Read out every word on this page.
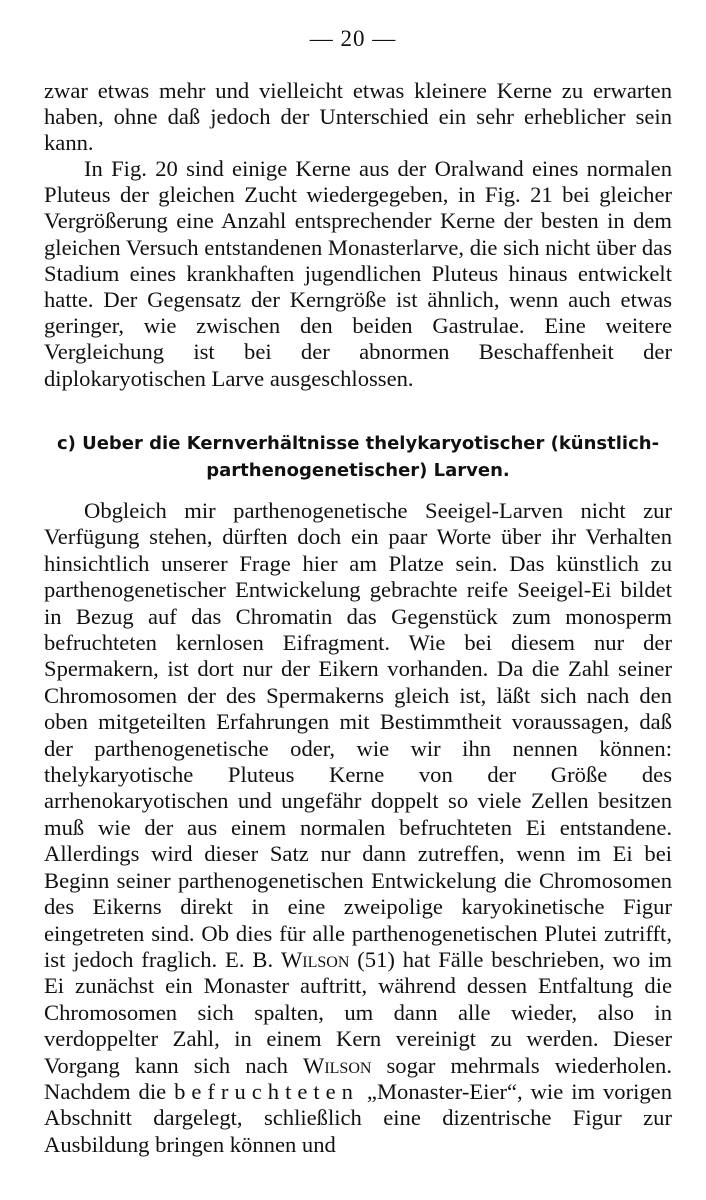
— 20 —

zwar etwas mehr und vielleicht etwas kleinere Kerne zu erwarten haben, ohne daß jedoch der Unterschied ein sehr erheblicher sein kann.

In Fig. 20 sind einige Kerne aus der Oralwand eines normalen Pluteus der gleichen Zucht wiedergegeben, in Fig. 21 bei gleicher Vergrößerung eine Anzahl entsprechender Kerne der besten in dem gleichen Versuch entstandenen Monasterlarve, die sich nicht über das Stadium eines krankhaften jugendlichen Pluteus hinaus entwickelt hatte. Der Gegensatz der Kerngröße ist ähnlich, wenn auch etwas geringer, wie zwischen den beiden Gastrulae. Eine weitere Vergleichung ist bei der abnormen Beschaffenheit der diplokaryotischen Larve ausgeschlossen.

c) Ueber die Kernverhältnisse thelykaryotischer (künstlich-
parthenogenetischer) Larven.

Obgleich mir parthenogenetische Seeigel-Larven nicht zur Verfügung stehen, dürften doch ein paar Worte über ihr Verhalten hinsichtlich unserer Frage hier am Platze sein. Das künstlich zu parthenogenetischer Entwickelung gebrachte reife Seeigel-Ei bildet in Bezug auf das Chromatin das Gegenstück zum monosperm befruchteten kernlosen Eifragment. Wie bei diesem nur der Spermakern, ist dort nur der Eikern vorhanden. Da die Zahl seiner Chromosomen der des Spermakerns gleich ist, läßt sich nach den oben mitgeteilten Erfahrungen mit Bestimmtheit voraussagen, daß der parthenogenetische oder, wie wir ihn nennen können: thelykaryotische Pluteus Kerne von der Größe des arrhenokaryotischen und ungefähr doppelt so viele Zellen besitzen muß wie der aus einem normalen befruchteten Ei entstandene. Allerdings wird dieser Satz nur dann zutreffen, wenn im Ei bei Beginn seiner parthenogenetischen Entwickelung die Chromosomen des Eikerns direkt in eine zweipolige karyokinetische Figur eingetreten sind. Ob dies für alle parthenogenetischen Plutei zutrifft, ist jedoch fraglich. E. B. Wilson (51) hat Fälle beschrieben, wo im Ei zunächst ein Monaster auftritt, während dessen Entfaltung die Chromosomen sich spalten, um dann alle wieder, also in verdoppelter Zahl, in einem Kern vereinigt zu werden. Dieser Vorgang kann sich nach Wilson sogar mehrmals wiederholen. Nachdem die befruchteten „Monaster-Eier“, wie im vorigen Abschnitt dargelegt, schließlich eine dizentrische Figur zur Ausbildung bringen können und
